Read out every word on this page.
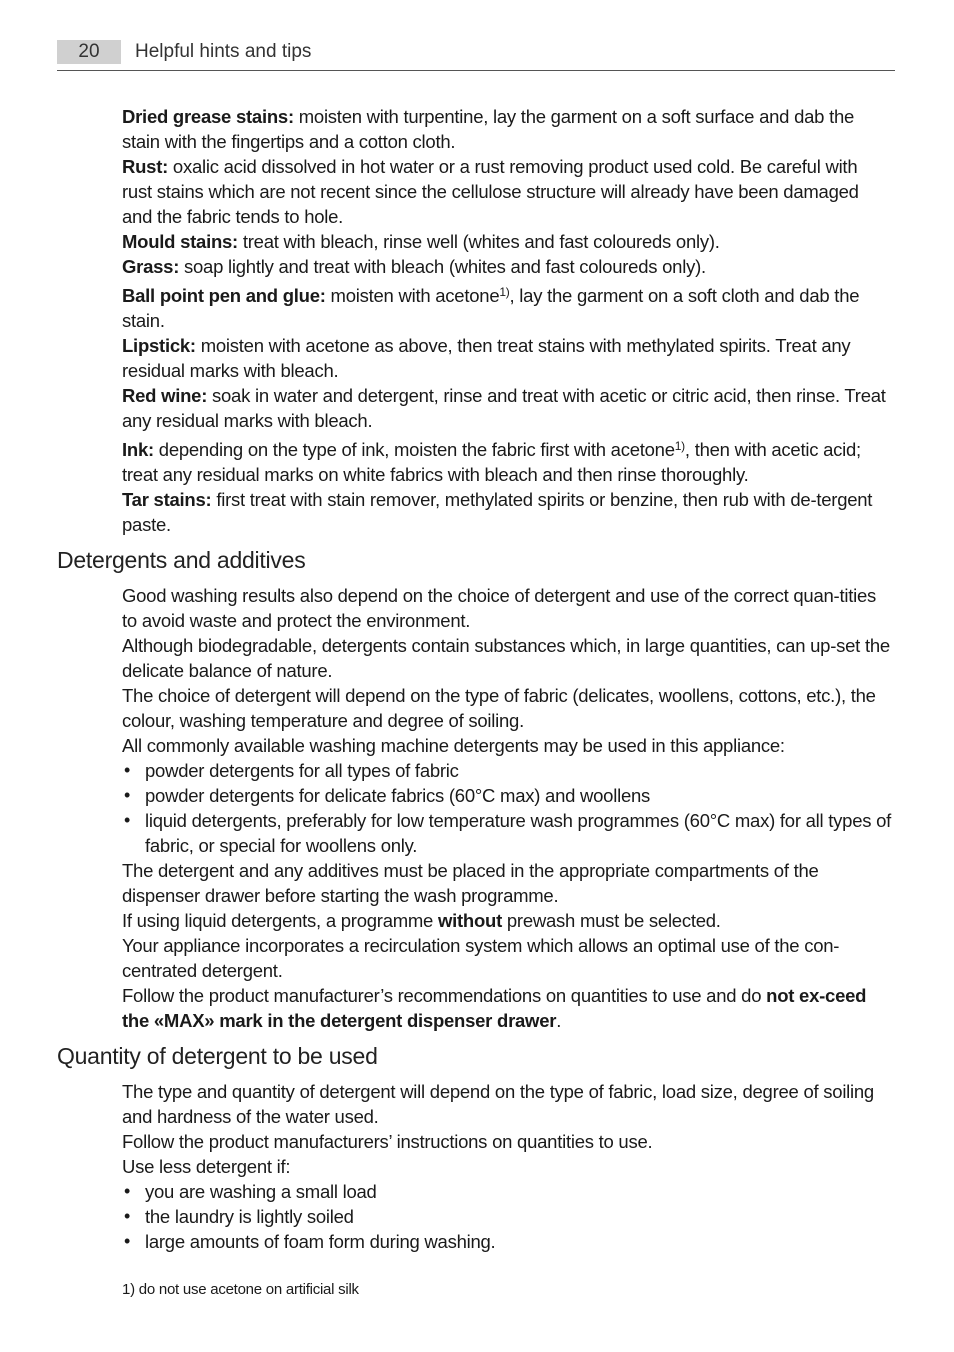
20	Helpful hints and tips

Dried grease stains: moisten with turpentine, lay the garment on a soft surface and dab the stain with the fingertips and a cotton cloth.

Rust: oxalic acid dissolved in hot water or a rust removing product used cold. Be careful with rust stains which are not recent since the cellulose structure will already have been damaged and the fabric tends to hole.

Mould stains: treat with bleach, rinse well (whites and fast coloureds only).

Grass: soap lightly and treat with bleach (whites and fast coloureds only).

Ball point pen and glue: moisten with acetone$^{1)}$, lay the garment on a soft cloth and dab the stain.

Lipstick: moisten with acetone as above, then treat stains with methylated spirits. Treat any residual marks with bleach.

Red wine: soak in water and detergent, rinse and treat with acetic or citric acid, then rinse. Treat any residual marks with bleach.

Ink: depending on the type of ink, moisten the fabric first with acetone$^{1)}$, then with acetic acid; treat any residual marks on white fabrics with bleach and then rinse thoroughly.

Tar stains: first treat with stain remover, methylated spirits or benzine, then rub with de-tergent paste.

Detergents and additives

Good washing results also depend on the choice of detergent and use of the correct quan-tities to avoid waste and protect the environment.

Although biodegradable, detergents contain substances which, in large quantities, can up-set the delicate balance of nature.

The choice of detergent will depend on the type of fabric (delicates, woollens, cottons, etc.), the colour, washing temperature and degree of soiling.

All commonly available washing machine detergents may be used in this appliance:

• powder detergents for all types of fabric
• powder detergents for delicate fabrics (60°C max) and woollens
• liquid detergents, preferably for low temperature wash programmes (60°C max) for all types of fabric, or special for woollens only.

The detergent and any additives must be placed in the appropriate compartments of the dispenser drawer before starting the wash programme.

If using liquid detergents, a programme without prewash must be selected.

Your appliance incorporates a recirculation system which allows an optimal use of the con-centrated detergent.

Follow the product manufacturer’s recommendations on quantities to use and do not ex-ceed the «MAX» mark in the detergent dispenser drawer.

Quantity of detergent to be used

The type and quantity of detergent will depend on the type of fabric, load size, degree of soiling and hardness of the water used.

Follow the product manufacturers’ instructions on quantities to use.

Use less detergent if:

• you are washing a small load
• the laundry is lightly soiled
• large amounts of foam form during washing.

1) do not use acetone on artificial silk
